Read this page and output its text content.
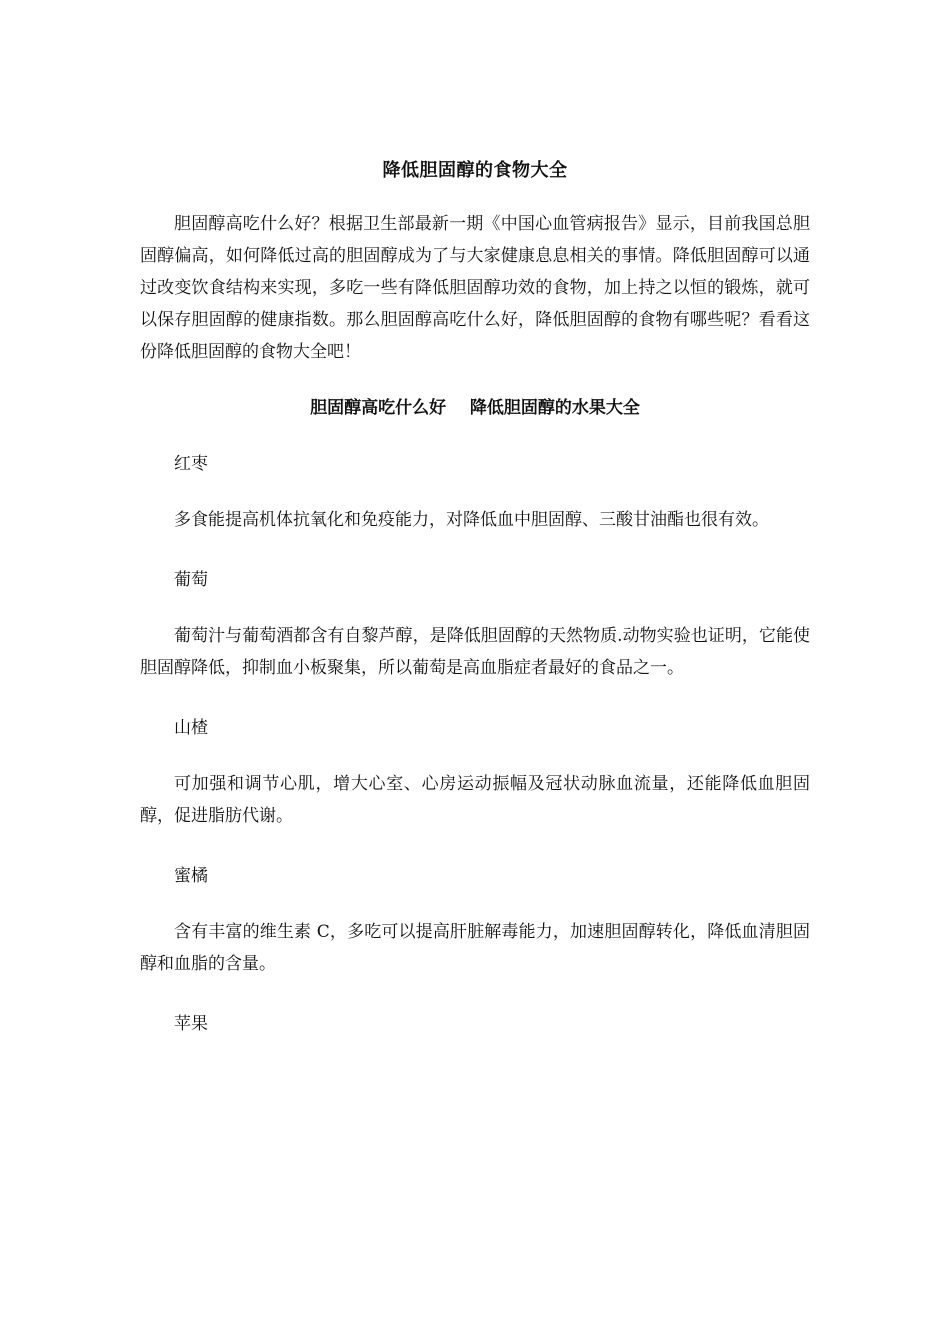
降低胆固醇的食物大全

胆固醇高吃什么好？根据卫生部最新一期《中国心血管病报告》显示，目前我国总胆固醇偏高，如何降低过高的胆固醇成为了与大家健康息息相关的事情。降低胆固醇可以通过改变饮食结构来实现，多吃一些有降低胆固醇功效的食物，加上持之以恒的锻炼，就可以保存胆固醇的健康指数。那么胆固醇高吃什么好，降低胆固醇的食物有哪些呢？看看这份降低胆固醇的食物大全吧！

胆固醇高吃什么好    降低胆固醇的水果大全

红枣

多食能提高机体抗氧化和免疫能力，对降低血中胆固醇、三酸甘油酯也很有效。

葡萄

葡萄汁与葡萄酒都含有自黎芦醇，是降低胆固醇的天然物质.动物实验也证明，它能使胆固醇降低，抑制血小板聚集，所以葡萄是高血脂症者最好的食品之一。

山楂

可加强和调节心肌，增大心室、心房运动振幅及冠状动脉血流量，还能降低血胆固醇，促进脂肪代谢。

蜜橘

含有丰富的维生素 C，多吃可以提高肝脏解毒能力，加速胆固醇转化，降低血清胆固醇和血脂的含量。

苹果
